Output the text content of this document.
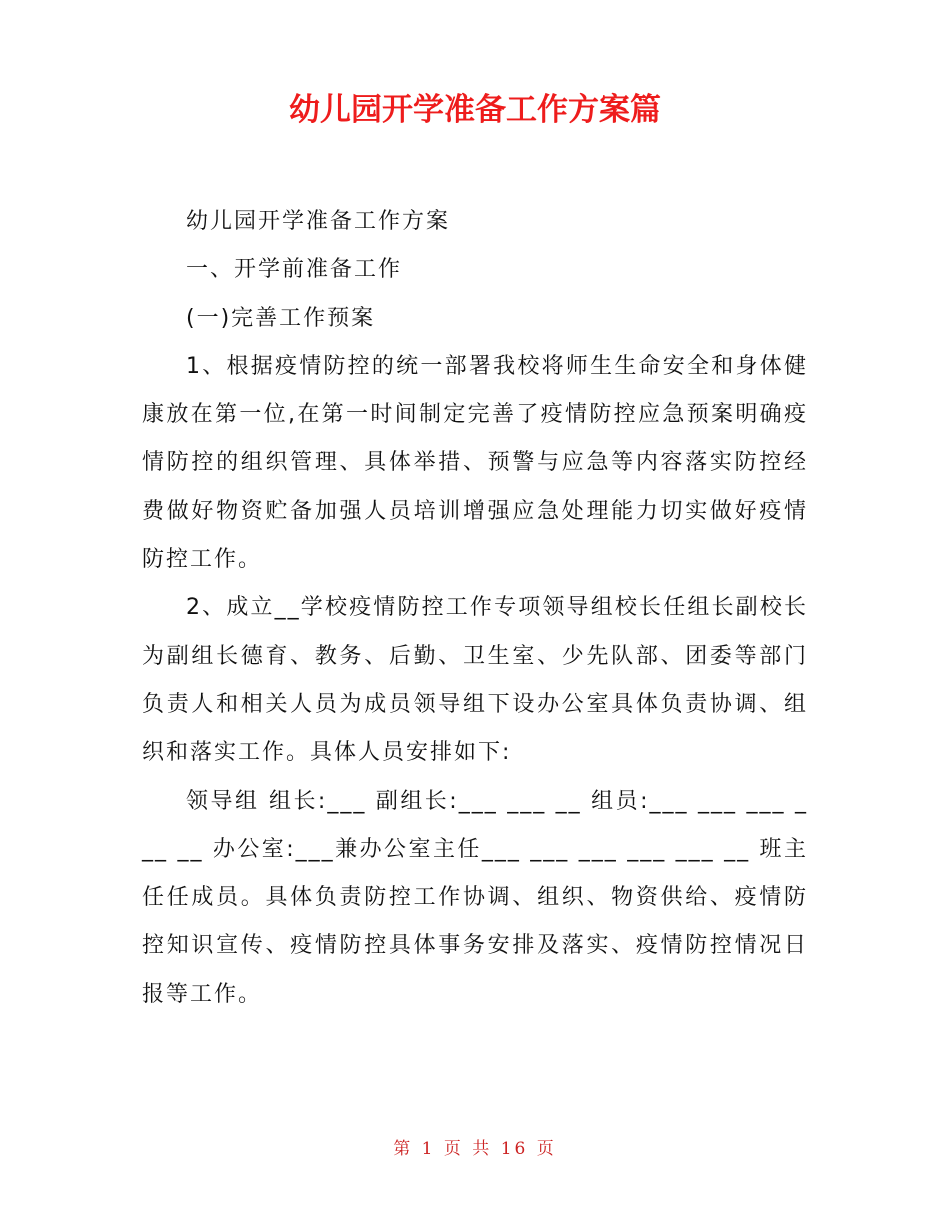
幼儿园开学准备工作方案篇

幼儿园开学准备工作方案

一、开学前准备工作

(一)完善工作预案

1、根据疫情防控的统一部署我校将师生生命安全和身体健康放在第一位,在第一时间制定完善了疫情防控应急预案明确疫情防控的组织管理、具体举措、预警与应急等内容落实防控经费做好物资贮备加强人员培训增强应急处理能力切实做好疫情防控工作。

2、成立__学校疫情防控工作专项领导组校长任组长副校长为副组长德育、教务、后勤、卫生室、少先队部、团委等部门负责人和相关人员为成员领导组下设办公室具体负责协调、组织和落实工作。具体人员安排如下:

领导组 组长:___ 副组长:___ ___ __ 组员:___ ___ ___ ___ __ 办公室:___兼办公室主任___ ___ ___ ___ ___ __ 班主任任成员。具体负责防控工作协调、组织、物资供给、疫情防控知识宣传、疫情防控具体事务安排及落实、疫情防控情况日报等工作。

第 1 页 共 16 页
